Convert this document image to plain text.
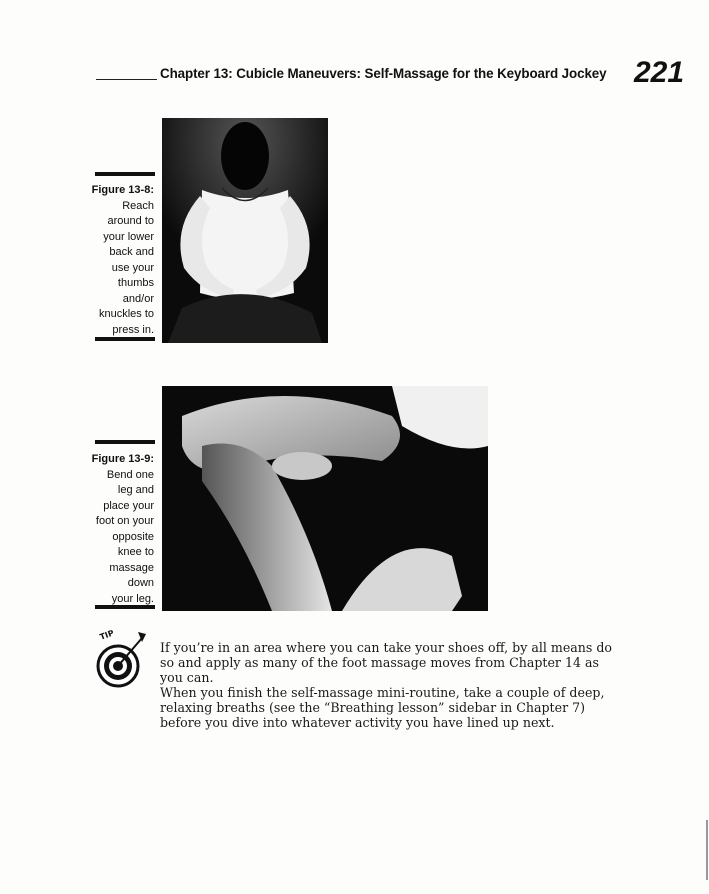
Chapter 13: Cubicle Maneuvers: Self-Massage for the Keyboard Jockey 221
Figure 13-8:
Reach
around to
your lower
back and
use your
thumbs
and/or
knuckles to
press in.
Figure 13-9:
Bend one
leg and
place your
foot on your
opposite
knee to
massage
down
your leg.
TIP
If you’re in an area where you can take your shoes off, by all means do so and apply as many of the foot massage moves from Chapter 14 as you can.
When you finish the self-massage mini-routine, take a couple of deep, relaxing breaths (see the “Breathing lesson” sidebar in Chapter 7) before you dive into whatever activity you have lined up next.
